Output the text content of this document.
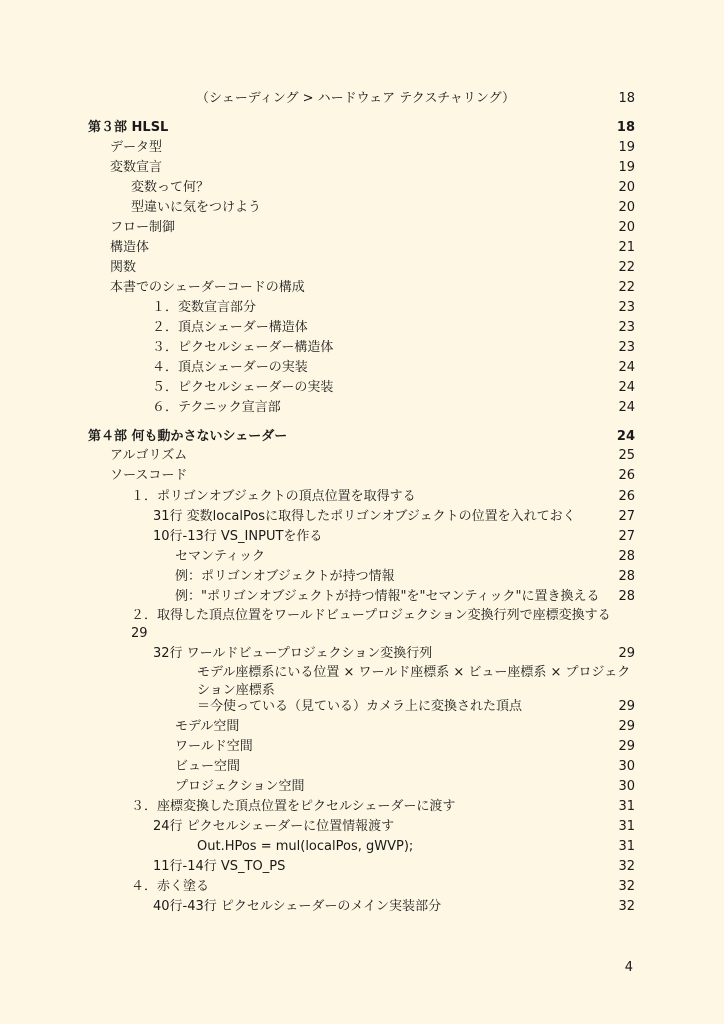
（シェーディング > ハードウェア テクスチャリング）	18
第３部 HLSL	18
データ型	19
変数宣言	19
変数って何？	20
型違いに気をつけよう	20
フロー制御	20
構造体	21
関数	22
本書でのシェーダーコードの構成	22
１．変数宣言部分	23
２．頂点シェーダー構造体	23
３．ピクセルシェーダー構造体	23
４．頂点シェーダーの実装	24
５．ピクセルシェーダーの実装	24
６．テクニック宣言部	24
第４部 何も動かさないシェーダー	24
アルゴリズム	25
ソースコード	26
１．ポリゴンオブジェクトの頂点位置を取得する	26
31行 変数localPosに取得したポリゴンオブジェクトの位置を入れておく	27
10行-13行 VS_INPUTを作る	27
セマンティック	28
例：ポリゴンオブジェクトが持つ情報	28
例："ポリゴンオブジェクトが持つ情報"を"セマンティック"に置き換える 28
２．取得した頂点位置をワールドビュープロジェクション変換行列で座標変換する
29
32行 ワールドビュープロジェクション変換行列	29
モデル座標系にいる位置 × ワールド座標系 × ビュー座標系 × プロジェクション座標系
＝今使っている（見ている）カメラ上に変換された頂点	29
モデル空間	29
ワールド空間	29
ビュー空間	30
プロジェクション空間	30
３．座標変換した頂点位置をピクセルシェーダーに渡す	31
24行 ピクセルシェーダーに位置情報渡す	31
Out.HPos = mul(localPos, gWVP);	31
11行-14行 VS_TO_PS	32
４．赤く塗る	32
40行-43行 ピクセルシェーダーのメイン実装部分	32
4
